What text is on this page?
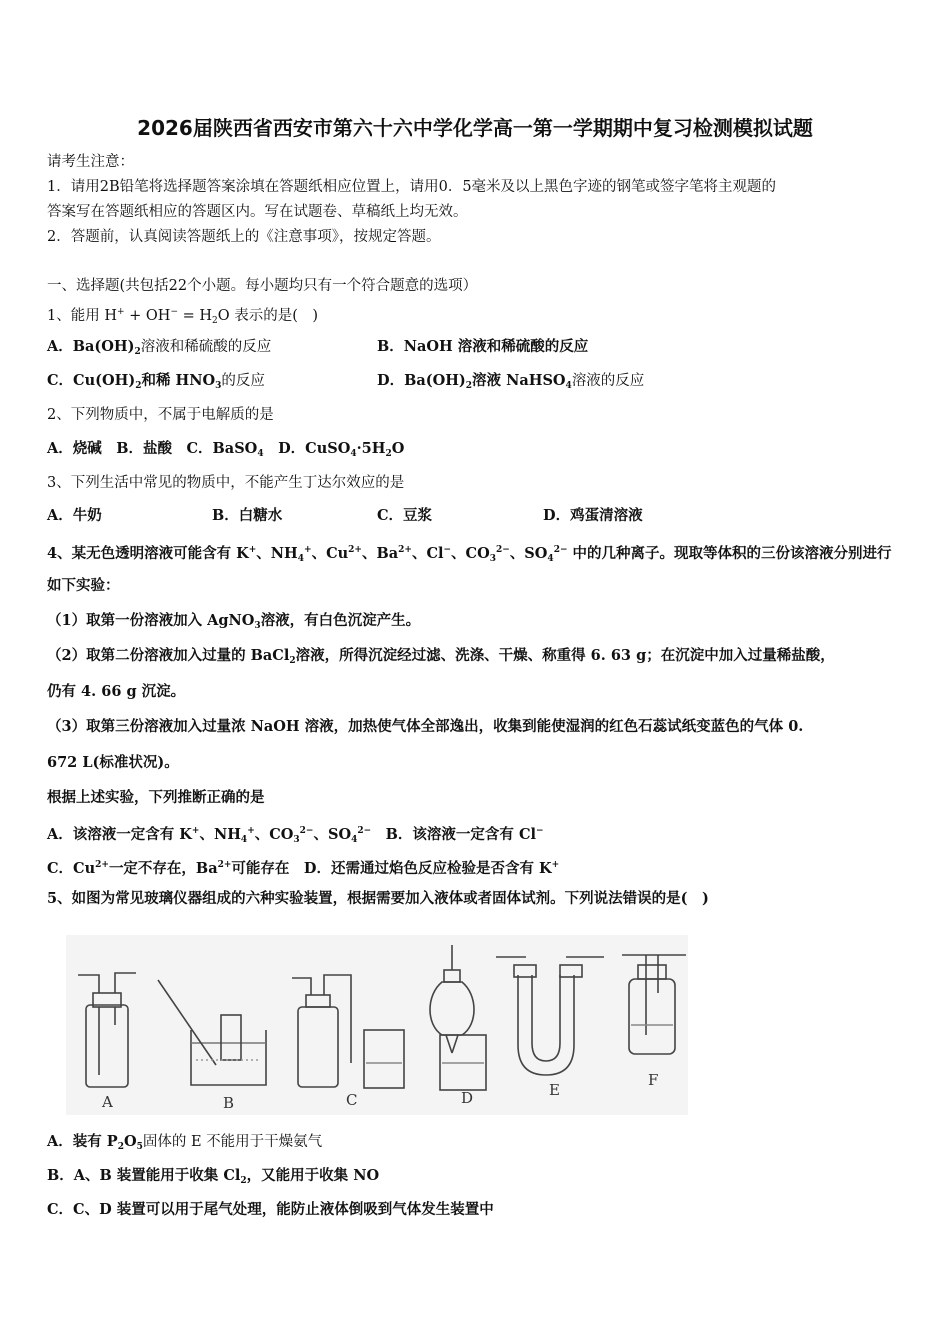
2026届陕西省西安市第六十六中学化学高一第一学期期中复习检测模拟试题
请考生注意：
1．请用2B铅笔将选择题答案涂填在答题纸相应位置上，请用0．5毫米及以上黑色字迹的钢笔或签字笔将主观题的
答案写在答题纸相应的答题区内。写在试题卷、草稿纸上均无效。
2．答题前，认真阅读答题纸上的《注意事项》，按规定答题。
一、选择题(共包括22个小题。每小题均只有一个符合题意的选项）
1、能用 $H^+ + OH^- = H_2O$ 表示的是(　)
A．$Ba(OH)_2$溶液和稀硫酸的反应	B．NaOH 溶液和稀硫酸的反应
C．$Cu(OH)_2$和稀 $HNO_3$的反应	D．$Ba(OH)_2$溶液 NaHSO$_4$溶液的反应
2、下列物质中，不属于电解质的是
A．烧碱　B．盐酸　C．BaSO$_4$　D．$CuSO_4\cdot 5H_2O$
3、下列生活中常见的物质中，不能产生丁达尔效应的是
A．牛奶	B．白糖水	C．豆浆	D．鸡蛋清溶液
4、某无色透明溶液可能含有 K+、$NH_4^+$、$Cu^{2+}$、$Ba^{2+}$、Cl−、$CO_3^{2-}$、$SO_4^{2-}$ 中的几种离子。现取等体积的三份该溶液分别进行
如下实验：
（1）取第一份溶液加入 AgNO$_3$溶液，有白色沉淀产生。
（2）取第二份溶液加入过量的 BaCl$_2$溶液，所得沉淀经过滤、洗涤、干燥、称重得 6. 63 g；在沉淀中加入过量稀盐酸，
仍有 4. 66 g 沉淀。
（3）取第三份溶液加入过量浓 NaOH 溶液，加热使气体全部逸出，收集到能使湿润的红色石蕊试纸变蓝色的气体 0.
672 L(标准状况)。
根据上述实验，下列推断正确的是
A．该溶液一定含有 K+、$NH_4^+$、$CO_3^{2-}$、$SO_4^{2-}$　B．该溶液一定含有 Cl−
C．$Cu^{2+}$一定不存在，$Ba^{2+}$可能存在　D．还需通过焰色反应检验是否含有 K+
5、如图为常见玻璃仪器组成的六种实验装置，根据需要加入液体或者固体试剂。下列说法错误的是(　)
A	B	C	D	E
F
A．装有 $P_2O_5$固体的 E 不能用于干燥氨气
B．A、B 装置能用于收集 $Cl_2$，又能用于收集 NO
C．C、D 装置可以用于尾气处理，能防止液体倒吸到气体发生装置中
